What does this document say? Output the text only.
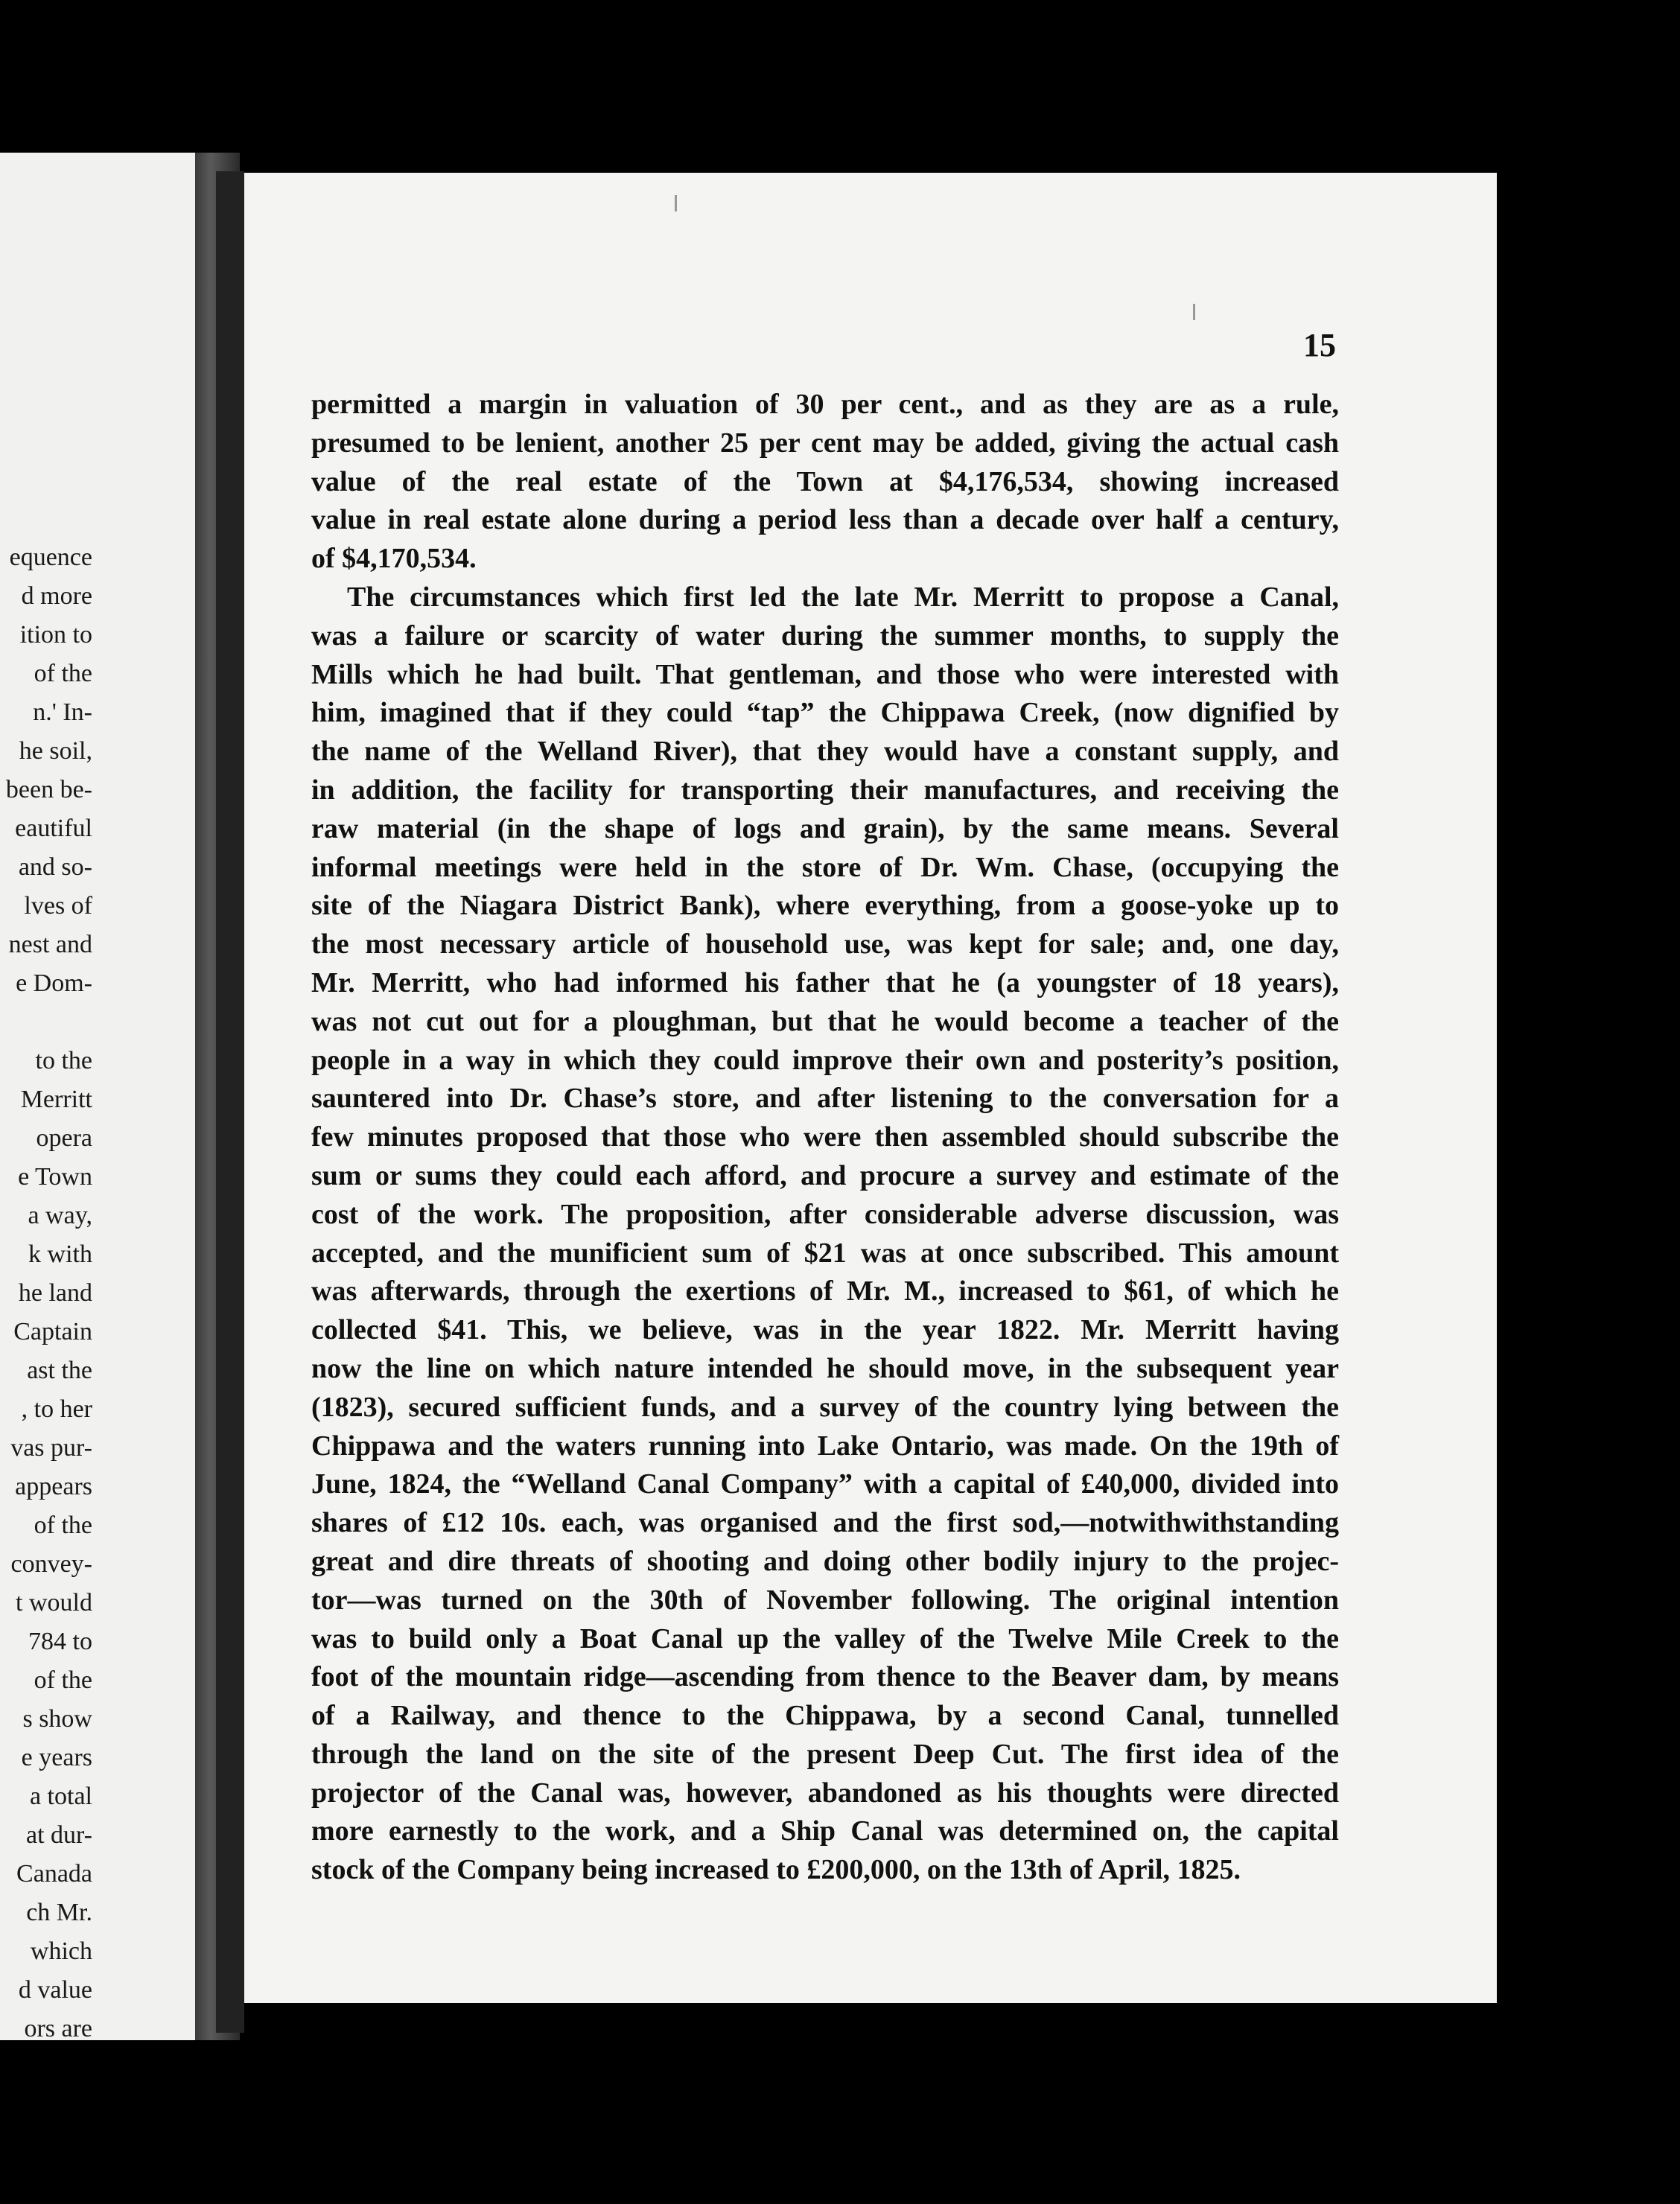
equence
d more
ition to
of the
n.' In-
he soil,
been be-
eautiful
and so-
lves of
nest and
e Dom-
to the
Merritt
opera
e Town
a way,
k with
he land
Captain
ast the
, to her
vas pur-
appears
of the
convey-
t would
784 to
of the
s show
e years
a total
at dur-
Canada
ch Mr.
which
d value
ors are
15
permitted a margin in valuation of 30 per cent., and as they are as a rule,
presumed to be lenient, another 25 per cent may be added, giving the actual cash
value of the real estate of the Town at $4,176,534, showing increased
value in real estate alone during a period less than a decade over half a century,
of $4,170,534.
The circumstances which first led the late Mr. Merritt to propose a Canal,
was a failure or scarcity of water during the summer months, to supply the
Mills which he had built. That gentleman, and those who were interested with
him, imagined that if they could “tap” the Chippawa Creek, (now dignified by
the name of the Welland River), that they would have a constant supply, and
in addition, the facility for transporting their manufactures, and receiving the
raw material (in the shape of logs and grain), by the same means. Several
informal meetings were held in the store of Dr. Wm. Chase, (occupying the
site of the Niagara District Bank), where everything, from a goose-yoke up to
the most necessary article of household use, was kept for sale; and, one day,
Mr. Merritt, who had informed his father that he (a youngster of 18 years),
was not cut out for a ploughman, but that he would become a teacher of the
people in a way in which they could improve their own and posterity’s position,
sauntered into Dr. Chase’s store, and after listening to the conversation for a
few minutes proposed that those who were then assembled should subscribe the
sum or sums they could each afford, and procure a survey and estimate of the
cost of the work. The proposition, after considerable adverse discussion, was
accepted, and the munificient sum of $21 was at once subscribed. This amount
was afterwards, through the exertions of Mr. M., increased to $61, of which he
collected $41. This, we believe, was in the year 1822. Mr. Merritt having
now the line on which nature intended he should move, in the subsequent year
(1823), secured sufficient funds, and a survey of the country lying between the
Chippawa and the waters running into Lake Ontario, was made. On the 19th of
June, 1824, the “Welland Canal Company” with a capital of £40,000, divided into
shares of £12 10s. each, was organised and the first sod,—notwithwithstanding
great and dire threats of shooting and doing other bodily injury to the projec-
tor—was turned on the 30th of November following. The original intention
was to build only a Boat Canal up the valley of the Twelve Mile Creek to the
foot of the mountain ridge—ascending from thence to the Beaver dam, by means
of a Railway, and thence to the Chippawa, by a second Canal, tunnelled
through the land on the site of the present Deep Cut. The first idea of the
projector of the Canal was, however, abandoned as his thoughts were directed
more earnestly to the work, and a Ship Canal was determined on, the capital
stock of the Company being increased to £200,000, on the 13th of April, 1825.
